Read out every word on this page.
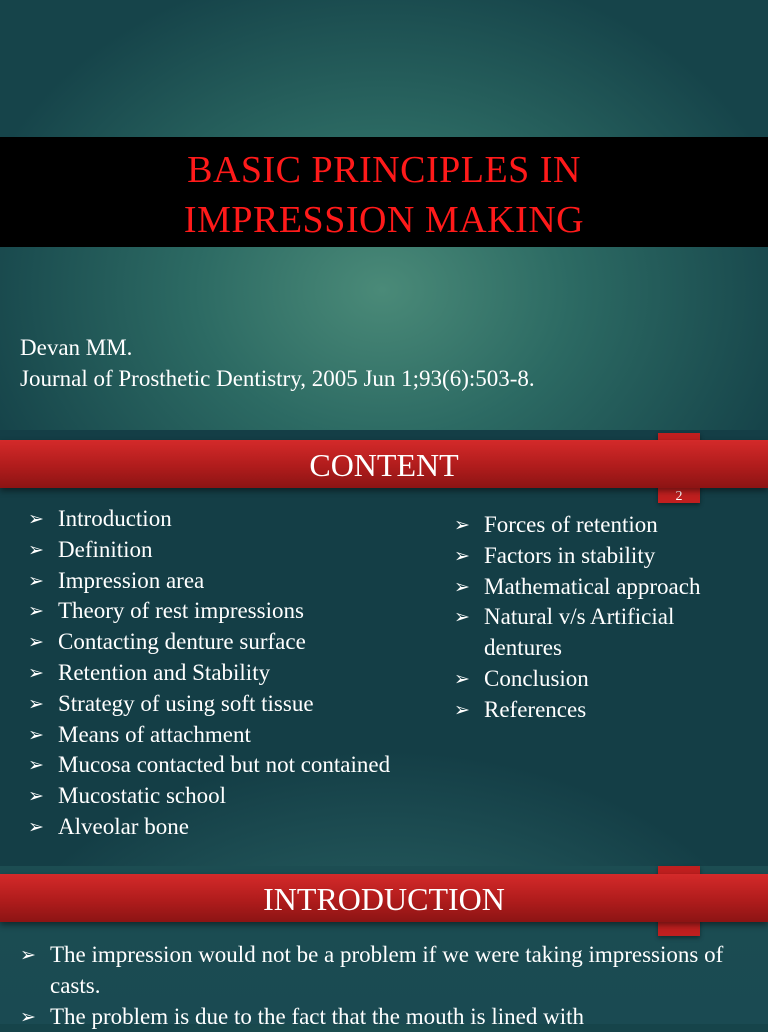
BASIC PRINCIPLES IN
IMPRESSION MAKING
Devan MM.
Journal of Prosthetic Dentistry, 2005 Jun 1;93(6):503-8.
2
CONTENT
➢ Introduction
➢ Definition
➢ Impression area
➢ Theory of rest impressions
➢ Contacting denture surface
➢ Retention and Stability
➢ Strategy of using soft tissue
➢ Means of attachment
➢ Mucosa contacted but not contained
➢ Mucostatic school
➢ Alveolar bone
➢ Forces of retention
➢ Factors in stability
➢ Mathematical approach
➢ Natural v/s Artificial dentures
➢ Conclusion
➢ References
INTRODUCTION
➢ The impression would not be a problem if we were taking impressions of casts.
➢ The problem is due to the fact that the mouth is lined with
